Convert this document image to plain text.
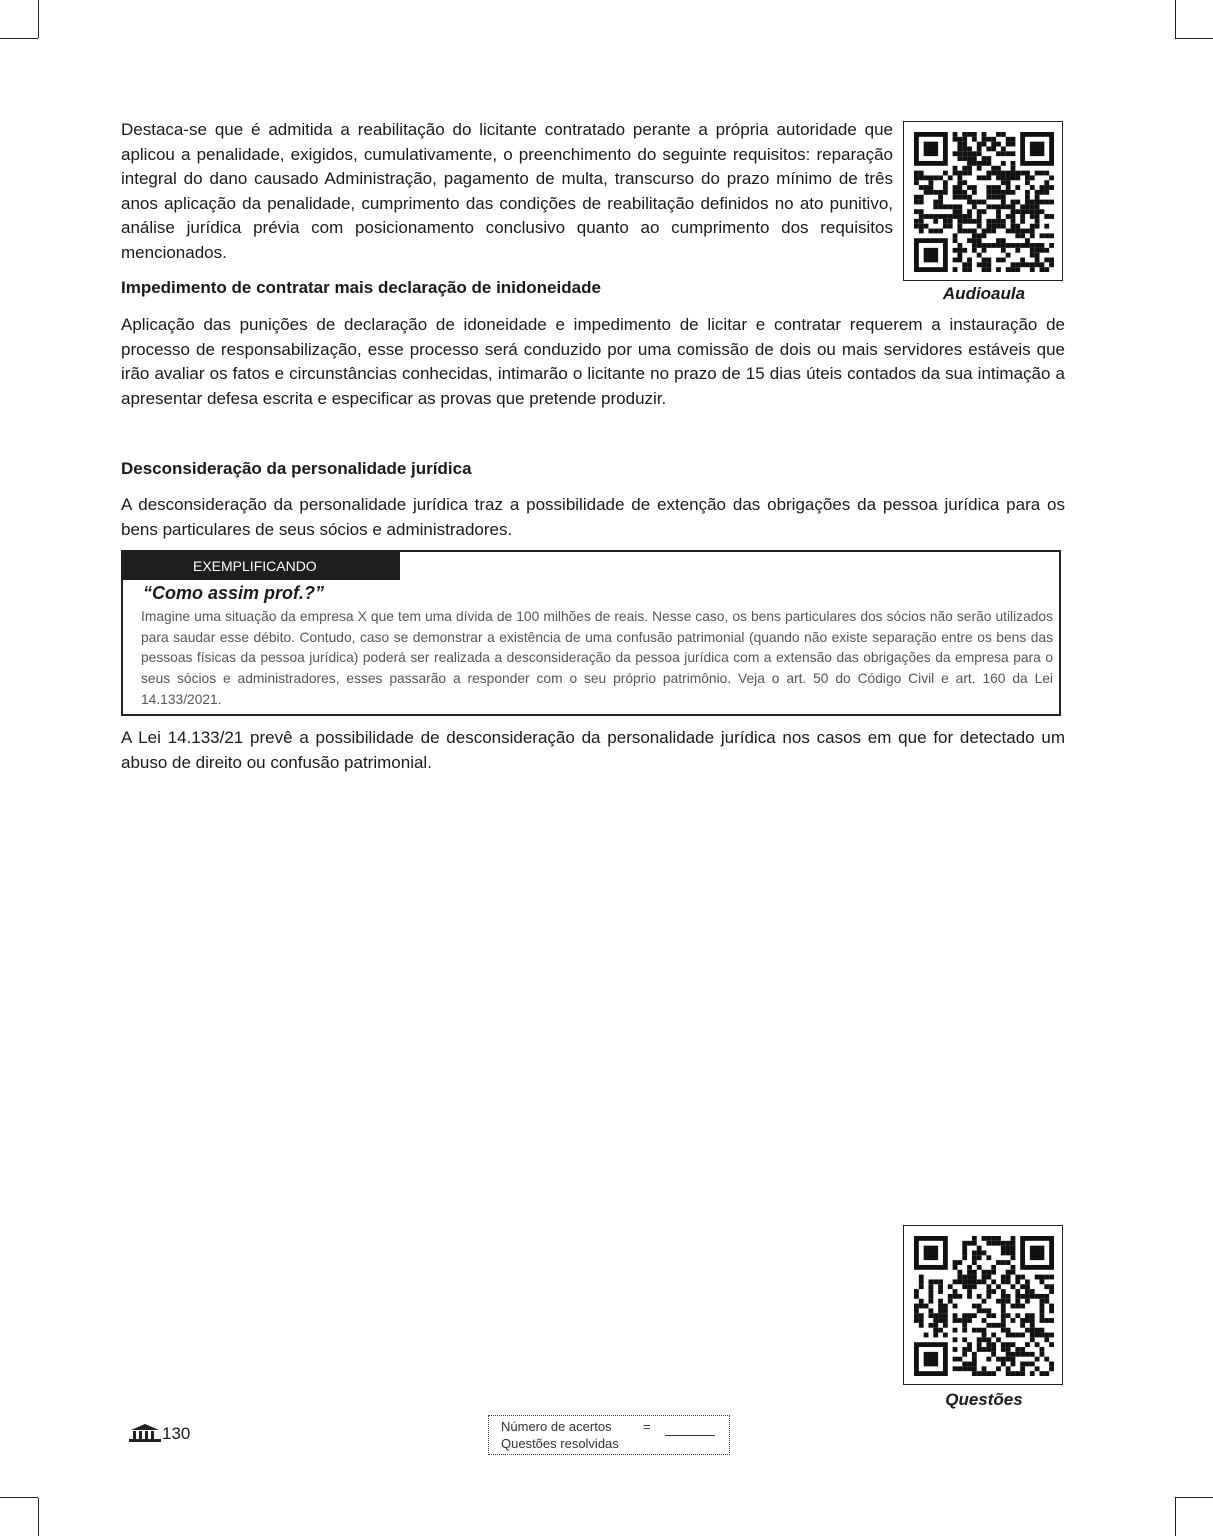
Destaca-se que é admitida a reabilitação do licitante contratado perante a própria autoridade que aplicou a penalidade, exigidos, cumulativamente, o preenchimento do seguinte requisitos: reparação integral do dano causado Administração, pagamento de multa, transcurso do prazo mínimo de três anos aplicação da penalidade, cumprimento das condições de reabilitação definidos no ato punitivo, análise jurídica prévia com posicionamento conclusivo quanto ao cumprimento dos requisitos mencionados.

Audioaula
Impedimento de contratar mais declaração de inidoneidade

Aplicação das punições de declaração de idoneidade e impedimento de licitar e contratar requerem a instauração de processo de responsabilização, esse processo será conduzido por uma comissão de dois ou mais servidores estáveis que irão avaliar os fatos e circunstâncias conhecidas, intimarão o licitante no prazo de 15 dias úteis contados da sua intimação a apresentar defesa escrita e especificar as provas que pretende produzir.

Desconsideração da personalidade jurídica

A desconsideração da personalidade jurídica traz a possibilidade de extenção das obrigações da pessoa jurídica para os bens particulares de seus sócios e administradores.

EXEMPLIFICANDO
“Como assim prof.?”

Imagine uma situação da empresa X que tem uma dívida de 100 milhões de reais. Nesse caso, os bens particulares dos sócios não serão utilizados para saudar esse débito. Contudo, caso se demonstrar a existência de uma confusão patrimonial (quando não existe separação entre os bens das pessoas físicas da pessoa jurídica) poderá ser realizada a desconsideração da pessoa jurídica com a extensão das obrigações da empresa para o seus sócios e administradores, esses passarão a responder com o seu próprio patrimônio. Veja o art. 50 do Código Civil e art. 160 da Lei 14.133/2021.

A Lei 14.133/21 prevê a possibilidade de desconsideração da personalidade jurídica nos casos em que for detectado um abuso de direito ou confusão patrimonial.

Questões
130	Número de acertos =
Questões resolvidas
